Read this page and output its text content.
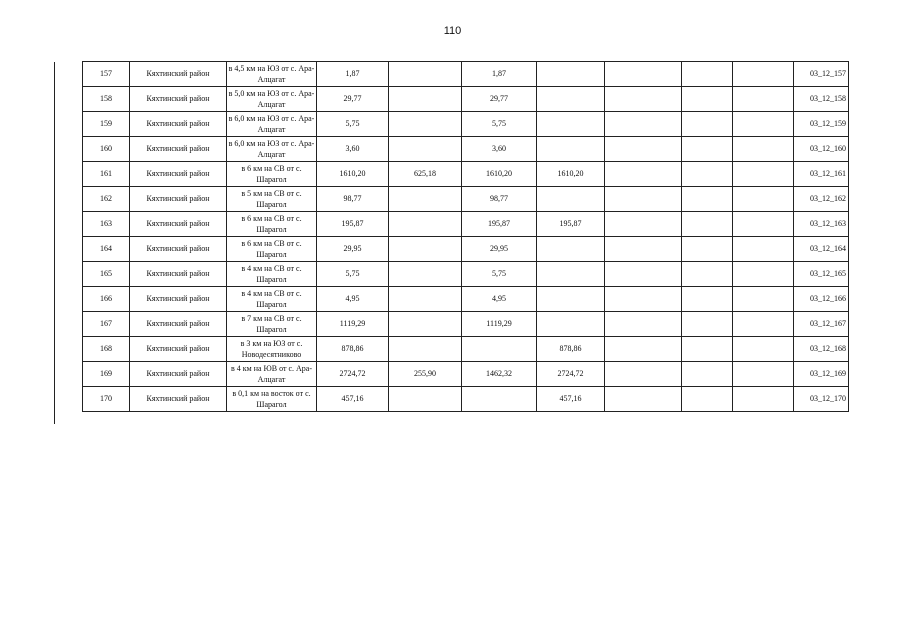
110
157	Кяхтинский район	в 4,5 км на ЮЗ от с. Ара-Алцагат	1,87		1,87					03_12_157
158	Кяхтинский район	в 5,0 км на ЮЗ от с. Ара-Алцагат	29,77		29,77					03_12_158
159	Кяхтинский район	в 6,0 км на ЮЗ от с. Ара-Алцагат	5,75		5,75					03_12_159
160	Кяхтинский район	в 6,0 км на ЮЗ от с. Ара-Алцагат	3,60		3,60					03_12_160
161	Кяхтинский район	в 6 км на СВ от с. Шарагол	1610,20	625,18	1610,20	1610,20				03_12_161
162	Кяхтинский район	в 5 км на СВ от с. Шарагол	98,77		98,77					03_12_162
163	Кяхтинский район	в 6 км на СВ от с. Шарагол	195,87		195,87	195,87				03_12_163
164	Кяхтинский район	в 6 км на СВ от с. Шарагол	29,95		29,95					03_12_164
165	Кяхтинский район	в 4 км на СВ от с. Шарагол	5,75		5,75					03_12_165
166	Кяхтинский район	в 4 км на СВ от с. Шарагол	4,95		4,95					03_12_166
167	Кяхтинский район	в 7 км на СВ от с. Шарагол	1119,29		1119,29					03_12_167
168	Кяхтинский район	в 3 км на ЮЗ от с. Новодесятниково	878,86			878,86				03_12_168
169	Кяхтинский район	в 4 км на ЮВ от с. Ара-Алцагат	2724,72	255,90	1462,32	2724,72				03_12_169
170	Кяхтинский район	в 0,1 км на восток от с. Шарагол	457,16			457,16				03_12_170
